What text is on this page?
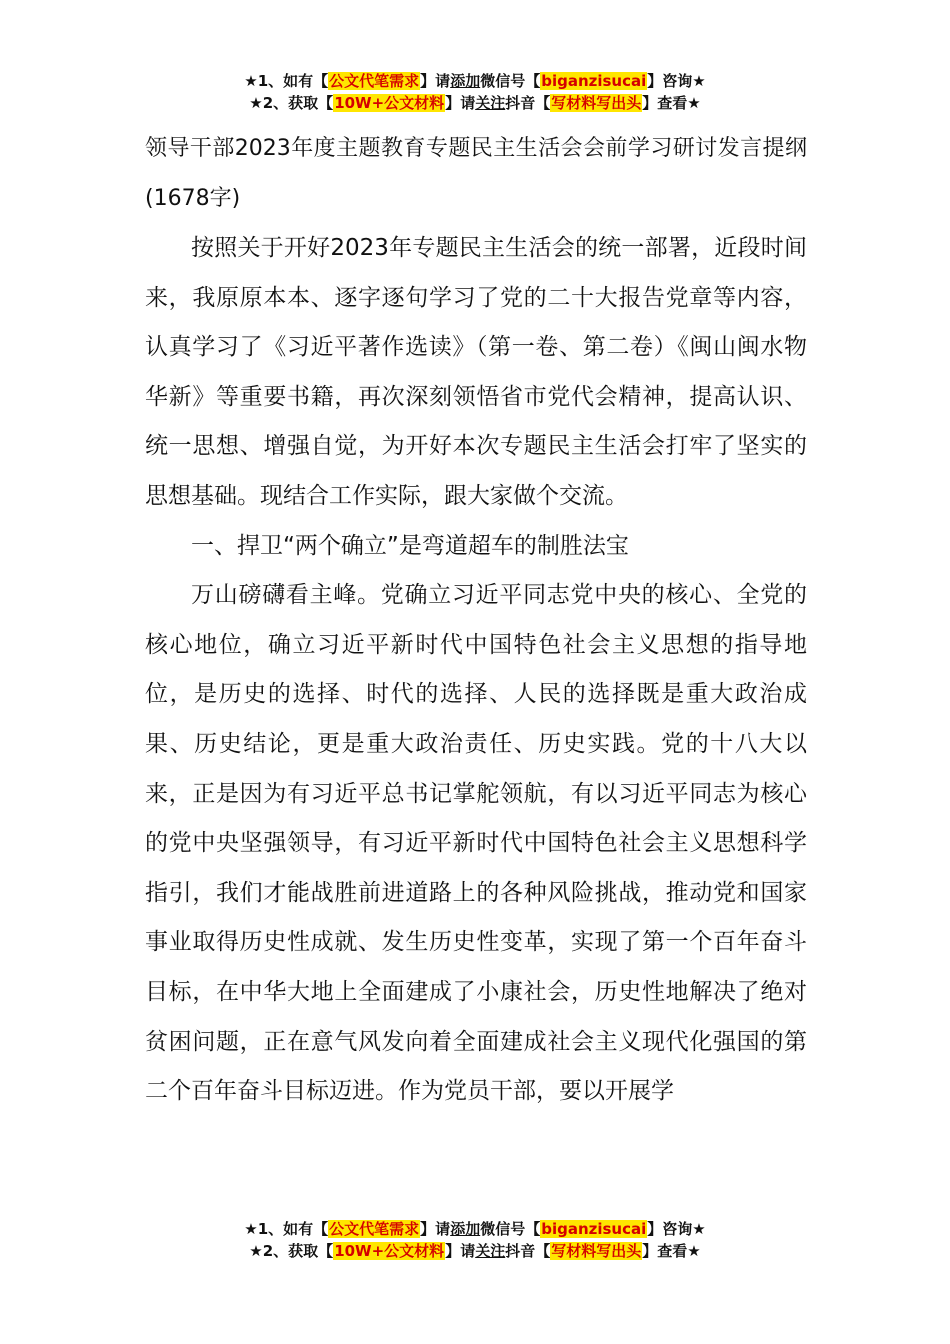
★1、如有【公文代笔需求】请添加微信号【biganzisucai】咨询★
★2、获取【10W+公文材料】请关注抖音【写材料写出头】查看★
领导干部2023年度主题教育专题民主生活会会前学习研讨发言提纲(1678字)

按照关于开好2023年专题民主生活会的统一部署，近段时间来，我原原本本、逐字逐句学习了党的二十大报告党章等内容，认真学习了《习近平著作选读》（第一卷、第二卷）《闽山闽水物华新》等重要书籍，再次深刻领悟省市党代会精神，提高认识、统一思想、增强自觉，为开好本次专题民主生活会打牢了坚实的思想基础。现结合工作实际，跟大家做个交流。

一、捍卫“两个确立”是弯道超车的制胜法宝

万山磅礴看主峰。党确立习近平同志党中央的核心、全党的核心地位，确立习近平新时代中国特色社会主义思想的指导地位，是历史的选择、时代的选择、人民的选择既是重大政治成果、历史结论，更是重大政治责任、历史实践。党的十八大以来，正是因为有习近平总书记掌舵领航，有以习近平同志为核心的党中央坚强领导，有习近平新时代中国特色社会主义思想科学指引，我们才能战胜前进道路上的各种风险挑战，推动党和国家事业取得历史性成就、发生历史性变革，实现了第一个百年奋斗目标，在中华大地上全面建成了小康社会，历史性地解决了绝对贫困问题，正在意气风发向着全面建成社会主义现代化强国的第二个百年奋斗目标迈进。作为党员干部，要以开展学

★1、如有【公文代笔需求】请添加微信号【biganzisucai】咨询★
★2、获取【10W+公文材料】请关注抖音【写材料写出头】查看★
